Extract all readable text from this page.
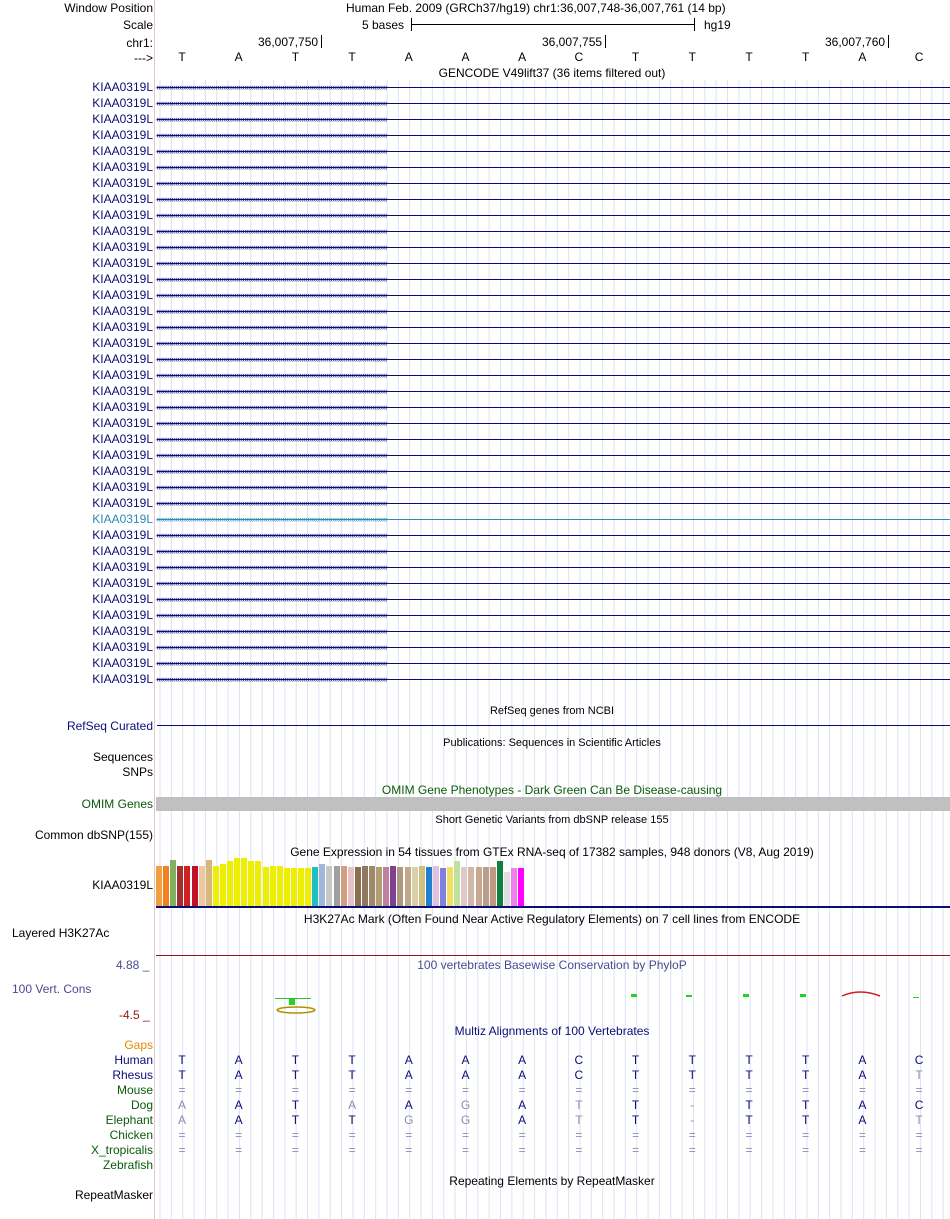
Window Position	Human Feb. 2009 (GRCh37/hg19) chr1:36,007,748-36,007,761 (14 bp)
Scale	5 bases	hg19
chr1:	36,007,750	36,007,755	36,007,760
---> T	A	T	T	A	A	A	C	T	T	T	T	A	C
GENCODE V49lift37 (36 items filtered out)
KIAA0319L ‹‹‹‹‹‹‹‹‹‹‹‹‹‹‹‹‹‹‹‹‹‹‹‹‹‹‹‹‹‹‹‹‹‹‹‹‹‹‹‹‹‹‹‹‹‹‹‹‹‹‹‹‹‹‹‹‹‹‹‹‹‹‹‹‹‹‹‹‹‹‹‹‹‹‹‹‹‹‹‹‹‹‹‹‹‹‹‹‹‹‹‹‹‹‹‹‹‹‹‹‹‹‹‹‹‹‹‹‹‹
KIAA0319L ‹‹‹‹‹‹‹‹‹‹‹‹‹‹‹‹‹‹‹‹‹‹‹‹‹‹‹‹‹‹‹‹‹‹‹‹‹‹‹‹‹‹‹‹‹‹‹‹‹‹‹‹‹‹‹‹‹‹‹‹‹‹‹‹‹‹‹‹‹‹‹‹‹‹‹‹‹‹‹‹‹‹‹‹‹‹‹‹‹‹‹‹‹‹‹‹‹‹‹‹‹‹‹‹‹‹‹‹‹‹
KIAA0319L ‹‹‹‹‹‹‹‹‹‹‹‹‹‹‹‹‹‹‹‹‹‹‹‹‹‹‹‹‹‹‹‹‹‹‹‹‹‹‹‹‹‹‹‹‹‹‹‹‹‹‹‹‹‹‹‹‹‹‹‹‹‹‹‹‹‹‹‹‹‹‹‹‹‹‹‹‹‹‹‹‹‹‹‹‹‹‹‹‹‹‹‹‹‹‹‹‹‹‹‹‹‹‹‹‹‹‹‹‹‹
KIAA0319L ‹‹‹‹‹‹‹‹‹‹‹‹‹‹‹‹‹‹‹‹‹‹‹‹‹‹‹‹‹‹‹‹‹‹‹‹‹‹‹‹‹‹‹‹‹‹‹‹‹‹‹‹‹‹‹‹‹‹‹‹‹‹‹‹‹‹‹‹‹‹‹‹‹‹‹‹‹‹‹‹‹‹‹‹‹‹‹‹‹‹‹‹‹‹‹‹‹‹‹‹‹‹‹‹‹‹‹‹‹‹
KIAA0319L ‹‹‹‹‹‹‹‹‹‹‹‹‹‹‹‹‹‹‹‹‹‹‹‹‹‹‹‹‹‹‹‹‹‹‹‹‹‹‹‹‹‹‹‹‹‹‹‹‹‹‹‹‹‹‹‹‹‹‹‹‹‹‹‹‹‹‹‹‹‹‹‹‹‹‹‹‹‹‹‹‹‹‹‹‹‹‹‹‹‹‹‹‹‹‹‹‹‹‹‹‹‹‹‹‹‹‹‹‹‹
KIAA0319L ‹‹‹‹‹‹‹‹‹‹‹‹‹‹‹‹‹‹‹‹‹‹‹‹‹‹‹‹‹‹‹‹‹‹‹‹‹‹‹‹‹‹‹‹‹‹‹‹‹‹‹‹‹‹‹‹‹‹‹‹‹‹‹‹‹‹‹‹‹‹‹‹‹‹‹‹‹‹‹‹‹‹‹‹‹‹‹‹‹‹‹‹‹‹‹‹‹‹‹‹‹‹‹‹‹‹‹‹‹‹
KIAA0319L ‹‹‹‹‹‹‹‹‹‹‹‹‹‹‹‹‹‹‹‹‹‹‹‹‹‹‹‹‹‹‹‹‹‹‹‹‹‹‹‹‹‹‹‹‹‹‹‹‹‹‹‹‹‹‹‹‹‹‹‹‹‹‹‹‹‹‹‹‹‹‹‹‹‹‹‹‹‹‹‹‹‹‹‹‹‹‹‹‹‹‹‹‹‹‹‹‹‹‹‹‹‹‹‹‹‹‹‹‹‹
KIAA0319L ‹‹‹‹‹‹‹‹‹‹‹‹‹‹‹‹‹‹‹‹‹‹‹‹‹‹‹‹‹‹‹‹‹‹‹‹‹‹‹‹‹‹‹‹‹‹‹‹‹‹‹‹‹‹‹‹‹‹‹‹‹‹‹‹‹‹‹‹‹‹‹‹‹‹‹‹‹‹‹‹‹‹‹‹‹‹‹‹‹‹‹‹‹‹‹‹‹‹‹‹‹‹‹‹‹‹‹‹‹‹
KIAA0319L ‹‹‹‹‹‹‹‹‹‹‹‹‹‹‹‹‹‹‹‹‹‹‹‹‹‹‹‹‹‹‹‹‹‹‹‹‹‹‹‹‹‹‹‹‹‹‹‹‹‹‹‹‹‹‹‹‹‹‹‹‹‹‹‹‹‹‹‹‹‹‹‹‹‹‹‹‹‹‹‹‹‹‹‹‹‹‹‹‹‹‹‹‹‹‹‹‹‹‹‹‹‹‹‹‹‹‹‹‹‹
KIAA0319L ‹‹‹‹‹‹‹‹‹‹‹‹‹‹‹‹‹‹‹‹‹‹‹‹‹‹‹‹‹‹‹‹‹‹‹‹‹‹‹‹‹‹‹‹‹‹‹‹‹‹‹‹‹‹‹‹‹‹‹‹‹‹‹‹‹‹‹‹‹‹‹‹‹‹‹‹‹‹‹‹‹‹‹‹‹‹‹‹‹‹‹‹‹‹‹‹‹‹‹‹‹‹‹‹‹‹‹‹‹‹
KIAA0319L ‹‹‹‹‹‹‹‹‹‹‹‹‹‹‹‹‹‹‹‹‹‹‹‹‹‹‹‹‹‹‹‹‹‹‹‹‹‹‹‹‹‹‹‹‹‹‹‹‹‹‹‹‹‹‹‹‹‹‹‹‹‹‹‹‹‹‹‹‹‹‹‹‹‹‹‹‹‹‹‹‹‹‹‹‹‹‹‹‹‹‹‹‹‹‹‹‹‹‹‹‹‹‹‹‹‹‹‹‹‹
KIAA0319L ‹‹‹‹‹‹‹‹‹‹‹‹‹‹‹‹‹‹‹‹‹‹‹‹‹‹‹‹‹‹‹‹‹‹‹‹‹‹‹‹‹‹‹‹‹‹‹‹‹‹‹‹‹‹‹‹‹‹‹‹‹‹‹‹‹‹‹‹‹‹‹‹‹‹‹‹‹‹‹‹‹‹‹‹‹‹‹‹‹‹‹‹‹‹‹‹‹‹‹‹‹‹‹‹‹‹‹‹‹‹
KIAA0319L ‹‹‹‹‹‹‹‹‹‹‹‹‹‹‹‹‹‹‹‹‹‹‹‹‹‹‹‹‹‹‹‹‹‹‹‹‹‹‹‹‹‹‹‹‹‹‹‹‹‹‹‹‹‹‹‹‹‹‹‹‹‹‹‹‹‹‹‹‹‹‹‹‹‹‹‹‹‹‹‹‹‹‹‹‹‹‹‹‹‹‹‹‹‹‹‹‹‹‹‹‹‹‹‹‹‹‹‹‹‹
KIAA0319L ‹‹‹‹‹‹‹‹‹‹‹‹‹‹‹‹‹‹‹‹‹‹‹‹‹‹‹‹‹‹‹‹‹‹‹‹‹‹‹‹‹‹‹‹‹‹‹‹‹‹‹‹‹‹‹‹‹‹‹‹‹‹‹‹‹‹‹‹‹‹‹‹‹‹‹‹‹‹‹‹‹‹‹‹‹‹‹‹‹‹‹‹‹‹‹‹‹‹‹‹‹‹‹‹‹‹‹‹‹‹
KIAA0319L ‹‹‹‹‹‹‹‹‹‹‹‹‹‹‹‹‹‹‹‹‹‹‹‹‹‹‹‹‹‹‹‹‹‹‹‹‹‹‹‹‹‹‹‹‹‹‹‹‹‹‹‹‹‹‹‹‹‹‹‹‹‹‹‹‹‹‹‹‹‹‹‹‹‹‹‹‹‹‹‹‹‹‹‹‹‹‹‹‹‹‹‹‹‹‹‹‹‹‹‹‹‹‹‹‹‹‹‹‹‹
KIAA0319L ‹‹‹‹‹‹‹‹‹‹‹‹‹‹‹‹‹‹‹‹‹‹‹‹‹‹‹‹‹‹‹‹‹‹‹‹‹‹‹‹‹‹‹‹‹‹‹‹‹‹‹‹‹‹‹‹‹‹‹‹‹‹‹‹‹‹‹‹‹‹‹‹‹‹‹‹‹‹‹‹‹‹‹‹‹‹‹‹‹‹‹‹‹‹‹‹‹‹‹‹‹‹‹‹‹‹‹‹‹‹
KIAA0319L ‹‹‹‹‹‹‹‹‹‹‹‹‹‹‹‹‹‹‹‹‹‹‹‹‹‹‹‹‹‹‹‹‹‹‹‹‹‹‹‹‹‹‹‹‹‹‹‹‹‹‹‹‹‹‹‹‹‹‹‹‹‹‹‹‹‹‹‹‹‹‹‹‹‹‹‹‹‹‹‹‹‹‹‹‹‹‹‹‹‹‹‹‹‹‹‹‹‹‹‹‹‹‹‹‹‹‹‹‹‹
KIAA0319L ‹‹‹‹‹‹‹‹‹‹‹‹‹‹‹‹‹‹‹‹‹‹‹‹‹‹‹‹‹‹‹‹‹‹‹‹‹‹‹‹‹‹‹‹‹‹‹‹‹‹‹‹‹‹‹‹‹‹‹‹‹‹‹‹‹‹‹‹‹‹‹‹‹‹‹‹‹‹‹‹‹‹‹‹‹‹‹‹‹‹‹‹‹‹‹‹‹‹‹‹‹‹‹‹‹‹‹‹‹‹
KIAA0319L ‹‹‹‹‹‹‹‹‹‹‹‹‹‹‹‹‹‹‹‹‹‹‹‹‹‹‹‹‹‹‹‹‹‹‹‹‹‹‹‹‹‹‹‹‹‹‹‹‹‹‹‹‹‹‹‹‹‹‹‹‹‹‹‹‹‹‹‹‹‹‹‹‹‹‹‹‹‹‹‹‹‹‹‹‹‹‹‹‹‹‹‹‹‹‹‹‹‹‹‹‹‹‹‹‹‹‹‹‹‹
KIAA0319L ‹‹‹‹‹‹‹‹‹‹‹‹‹‹‹‹‹‹‹‹‹‹‹‹‹‹‹‹‹‹‹‹‹‹‹‹‹‹‹‹‹‹‹‹‹‹‹‹‹‹‹‹‹‹‹‹‹‹‹‹‹‹‹‹‹‹‹‹‹‹‹‹‹‹‹‹‹‹‹‹‹‹‹‹‹‹‹‹‹‹‹‹‹‹‹‹‹‹‹‹‹‹‹‹‹‹‹‹‹‹
KIAA0319L ‹‹‹‹‹‹‹‹‹‹‹‹‹‹‹‹‹‹‹‹‹‹‹‹‹‹‹‹‹‹‹‹‹‹‹‹‹‹‹‹‹‹‹‹‹‹‹‹‹‹‹‹‹‹‹‹‹‹‹‹‹‹‹‹‹‹‹‹‹‹‹‹‹‹‹‹‹‹‹‹‹‹‹‹‹‹‹‹‹‹‹‹‹‹‹‹‹‹‹‹‹‹‹‹‹‹‹‹‹‹
KIAA0319L ‹‹‹‹‹‹‹‹‹‹‹‹‹‹‹‹‹‹‹‹‹‹‹‹‹‹‹‹‹‹‹‹‹‹‹‹‹‹‹‹‹‹‹‹‹‹‹‹‹‹‹‹‹‹‹‹‹‹‹‹‹‹‹‹‹‹‹‹‹‹‹‹‹‹‹‹‹‹‹‹‹‹‹‹‹‹‹‹‹‹‹‹‹‹‹‹‹‹‹‹‹‹‹‹‹‹‹‹‹‹
KIAA0319L ‹‹‹‹‹‹‹‹‹‹‹‹‹‹‹‹‹‹‹‹‹‹‹‹‹‹‹‹‹‹‹‹‹‹‹‹‹‹‹‹‹‹‹‹‹‹‹‹‹‹‹‹‹‹‹‹‹‹‹‹‹‹‹‹‹‹‹‹‹‹‹‹‹‹‹‹‹‹‹‹‹‹‹‹‹‹‹‹‹‹‹‹‹‹‹‹‹‹‹‹‹‹‹‹‹‹‹‹‹‹
KIAA0319L ‹‹‹‹‹‹‹‹‹‹‹‹‹‹‹‹‹‹‹‹‹‹‹‹‹‹‹‹‹‹‹‹‹‹‹‹‹‹‹‹‹‹‹‹‹‹‹‹‹‹‹‹‹‹‹‹‹‹‹‹‹‹‹‹‹‹‹‹‹‹‹‹‹‹‹‹‹‹‹‹‹‹‹‹‹‹‹‹‹‹‹‹‹‹‹‹‹‹‹‹‹‹‹‹‹‹‹‹‹‹
KIAA0319L ‹‹‹‹‹‹‹‹‹‹‹‹‹‹‹‹‹‹‹‹‹‹‹‹‹‹‹‹‹‹‹‹‹‹‹‹‹‹‹‹‹‹‹‹‹‹‹‹‹‹‹‹‹‹‹‹‹‹‹‹‹‹‹‹‹‹‹‹‹‹‹‹‹‹‹‹‹‹‹‹‹‹‹‹‹‹‹‹‹‹‹‹‹‹‹‹‹‹‹‹‹‹‹‹‹‹‹‹‹‹
KIAA0319L ‹‹‹‹‹‹‹‹‹‹‹‹‹‹‹‹‹‹‹‹‹‹‹‹‹‹‹‹‹‹‹‹‹‹‹‹‹‹‹‹‹‹‹‹‹‹‹‹‹‹‹‹‹‹‹‹‹‹‹‹‹‹‹‹‹‹‹‹‹‹‹‹‹‹‹‹‹‹‹‹‹‹‹‹‹‹‹‹‹‹‹‹‹‹‹‹‹‹‹‹‹‹‹‹‹‹‹‹‹‹
KIAA0319L ‹‹‹‹‹‹‹‹‹‹‹‹‹‹‹‹‹‹‹‹‹‹‹‹‹‹‹‹‹‹‹‹‹‹‹‹‹‹‹‹‹‹‹‹‹‹‹‹‹‹‹‹‹‹‹‹‹‹‹‹‹‹‹‹‹‹‹‹‹‹‹‹‹‹‹‹‹‹‹‹‹‹‹‹‹‹‹‹‹‹‹‹‹‹‹‹‹‹‹‹‹‹‹‹‹‹‹‹‹‹
KIAA0319L ‹‹‹‹‹‹‹‹‹‹‹‹‹‹‹‹‹‹‹‹‹‹‹‹‹‹‹‹‹‹‹‹‹‹‹‹‹‹‹‹‹‹‹‹‹‹‹‹‹‹‹‹‹‹‹‹‹‹‹‹‹‹‹‹‹‹‹‹‹‹‹‹‹‹‹‹‹‹‹‹‹‹‹‹‹‹‹‹‹‹‹‹‹‹‹‹‹‹‹‹‹‹‹‹‹‹‹‹‹‹
KIAA0319L ‹‹‹‹‹‹‹‹‹‹‹‹‹‹‹‹‹‹‹‹‹‹‹‹‹‹‹‹‹‹‹‹‹‹‹‹‹‹‹‹‹‹‹‹‹‹‹‹‹‹‹‹‹‹‹‹‹‹‹‹‹‹‹‹‹‹‹‹‹‹‹‹‹‹‹‹‹‹‹‹‹‹‹‹‹‹‹‹‹‹‹‹‹‹‹‹‹‹‹‹‹‹‹‹‹‹‹‹‹‹
KIAA0319L ‹‹‹‹‹‹‹‹‹‹‹‹‹‹‹‹‹‹‹‹‹‹‹‹‹‹‹‹‹‹‹‹‹‹‹‹‹‹‹‹‹‹‹‹‹‹‹‹‹‹‹‹‹‹‹‹‹‹‹‹‹‹‹‹‹‹‹‹‹‹‹‹‹‹‹‹‹‹‹‹‹‹‹‹‹‹‹‹‹‹‹‹‹‹‹‹‹‹‹‹‹‹‹‹‹‹‹‹‹‹
KIAA0319L ‹‹‹‹‹‹‹‹‹‹‹‹‹‹‹‹‹‹‹‹‹‹‹‹‹‹‹‹‹‹‹‹‹‹‹‹‹‹‹‹‹‹‹‹‹‹‹‹‹‹‹‹‹‹‹‹‹‹‹‹‹‹‹‹‹‹‹‹‹‹‹‹‹‹‹‹‹‹‹‹‹‹‹‹‹‹‹‹‹‹‹‹‹‹‹‹‹‹‹‹‹‹‹‹‹‹‹‹‹‹
KIAA0319L ‹‹‹‹‹‹‹‹‹‹‹‹‹‹‹‹‹‹‹‹‹‹‹‹‹‹‹‹‹‹‹‹‹‹‹‹‹‹‹‹‹‹‹‹‹‹‹‹‹‹‹‹‹‹‹‹‹‹‹‹‹‹‹‹‹‹‹‹‹‹‹‹‹‹‹‹‹‹‹‹‹‹‹‹‹‹‹‹‹‹‹‹‹‹‹‹‹‹‹‹‹‹‹‹‹‹‹‹‹‹
KIAA0319L ‹‹‹‹‹‹‹‹‹‹‹‹‹‹‹‹‹‹‹‹‹‹‹‹‹‹‹‹‹‹‹‹‹‹‹‹‹‹‹‹‹‹‹‹‹‹‹‹‹‹‹‹‹‹‹‹‹‹‹‹‹‹‹‹‹‹‹‹‹‹‹‹‹‹‹‹‹‹‹‹‹‹‹‹‹‹‹‹‹‹‹‹‹‹‹‹‹‹‹‹‹‹‹‹‹‹‹‹‹‹
KIAA0319L ‹‹‹‹‹‹‹‹‹‹‹‹‹‹‹‹‹‹‹‹‹‹‹‹‹‹‹‹‹‹‹‹‹‹‹‹‹‹‹‹‹‹‹‹‹‹‹‹‹‹‹‹‹‹‹‹‹‹‹‹‹‹‹‹‹‹‹‹‹‹‹‹‹‹‹‹‹‹‹‹‹‹‹‹‹‹‹‹‹‹‹‹‹‹‹‹‹‹‹‹‹‹‹‹‹‹‹‹‹‹
KIAA0319L ‹‹‹‹‹‹‹‹‹‹‹‹‹‹‹‹‹‹‹‹‹‹‹‹‹‹‹‹‹‹‹‹‹‹‹‹‹‹‹‹‹‹‹‹‹‹‹‹‹‹‹‹‹‹‹‹‹‹‹‹‹‹‹‹‹‹‹‹‹‹‹‹‹‹‹‹‹‹‹‹‹‹‹‹‹‹‹‹‹‹‹‹‹‹‹‹‹‹‹‹‹‹‹‹‹‹‹‹‹‹
KIAA0319L ‹‹‹‹‹‹‹‹‹‹‹‹‹‹‹‹‹‹‹‹‹‹‹‹‹‹‹‹‹‹‹‹‹‹‹‹‹‹‹‹‹‹‹‹‹‹‹‹‹‹‹‹‹‹‹‹‹‹‹‹‹‹‹‹‹‹‹‹‹‹‹‹‹‹‹‹‹‹‹‹‹‹‹‹‹‹‹‹‹‹‹‹‹‹‹‹‹‹‹‹‹‹‹‹‹‹‹‹‹‹
KIAA0319L ‹‹‹‹‹‹‹‹‹‹‹‹‹‹‹‹‹‹‹‹‹‹‹‹‹‹‹‹‹‹‹‹‹‹‹‹‹‹‹‹‹‹‹‹‹‹‹‹‹‹‹‹‹‹‹‹‹‹‹‹‹‹‹‹‹‹‹‹‹‹‹‹‹‹‹‹‹‹‹‹‹‹‹‹‹‹‹‹‹‹‹‹‹‹‹‹‹‹‹‹‹‹‹‹‹‹‹‹‹‹
KIAA0319L ‹‹‹‹‹‹‹‹‹‹‹‹‹‹‹‹‹‹‹‹‹‹‹‹‹‹‹‹‹‹‹‹‹‹‹‹‹‹‹‹‹‹‹‹‹‹‹‹‹‹‹‹‹‹‹‹‹‹‹‹‹‹‹‹‹‹‹‹‹‹‹‹‹‹‹‹‹‹‹‹‹‹‹‹‹‹‹‹‹‹‹‹‹‹‹‹‹‹‹‹‹‹‹‹‹‹‹‹‹‹
RefSeq genes from NCBI
RefSeq Curated
Publications: Sequences in Scientific Articles
Sequences
SNPs
OMIM Gene Phenotypes - Dark Green Can Be Disease-causing
OMIM Genes
Short Genetic Variants from dbSNP release 155
Common dbSNP(155)
Gene Expression in 54 tissues from GTEx RNA-seq of 17382 samples, 948 donors (V8, Aug 2019)
KIAA0319L
H3K27Ac Mark (Often Found Near Active Regulatory Elements) on 7 cell lines from ENCODE
Layered H3K27Ac
100 vertebrates Basewise Conservation by PhyloP
4.88 _
100 Vert. Cons
-4.5 _
Multiz Alignments of 100 Vertebrates
Gaps
Human T	A	T	T	A	A	A	C	T	T	T	T	A	C
Rhesus T	A	T	T	A	A	A	C	T	T	T	T	A	T
Mouse =	=	=	=	=	=	=	=	=	=	=	=	=	=
Dog A	A	T	A	A	G	A	T	T	-	T	T	A	C
Elephant A	A	T	T	G	G	A	T	T	-	T	T	A	T
Chicken =	=	=	=	=	=	=	=	=	=	=	=	=	=
X_tropicalis =	=	=	=	=	=	=	=	=	=	=	=	=	=
Zebrafish
Repeating Elements by RepeatMasker
RepeatMasker
